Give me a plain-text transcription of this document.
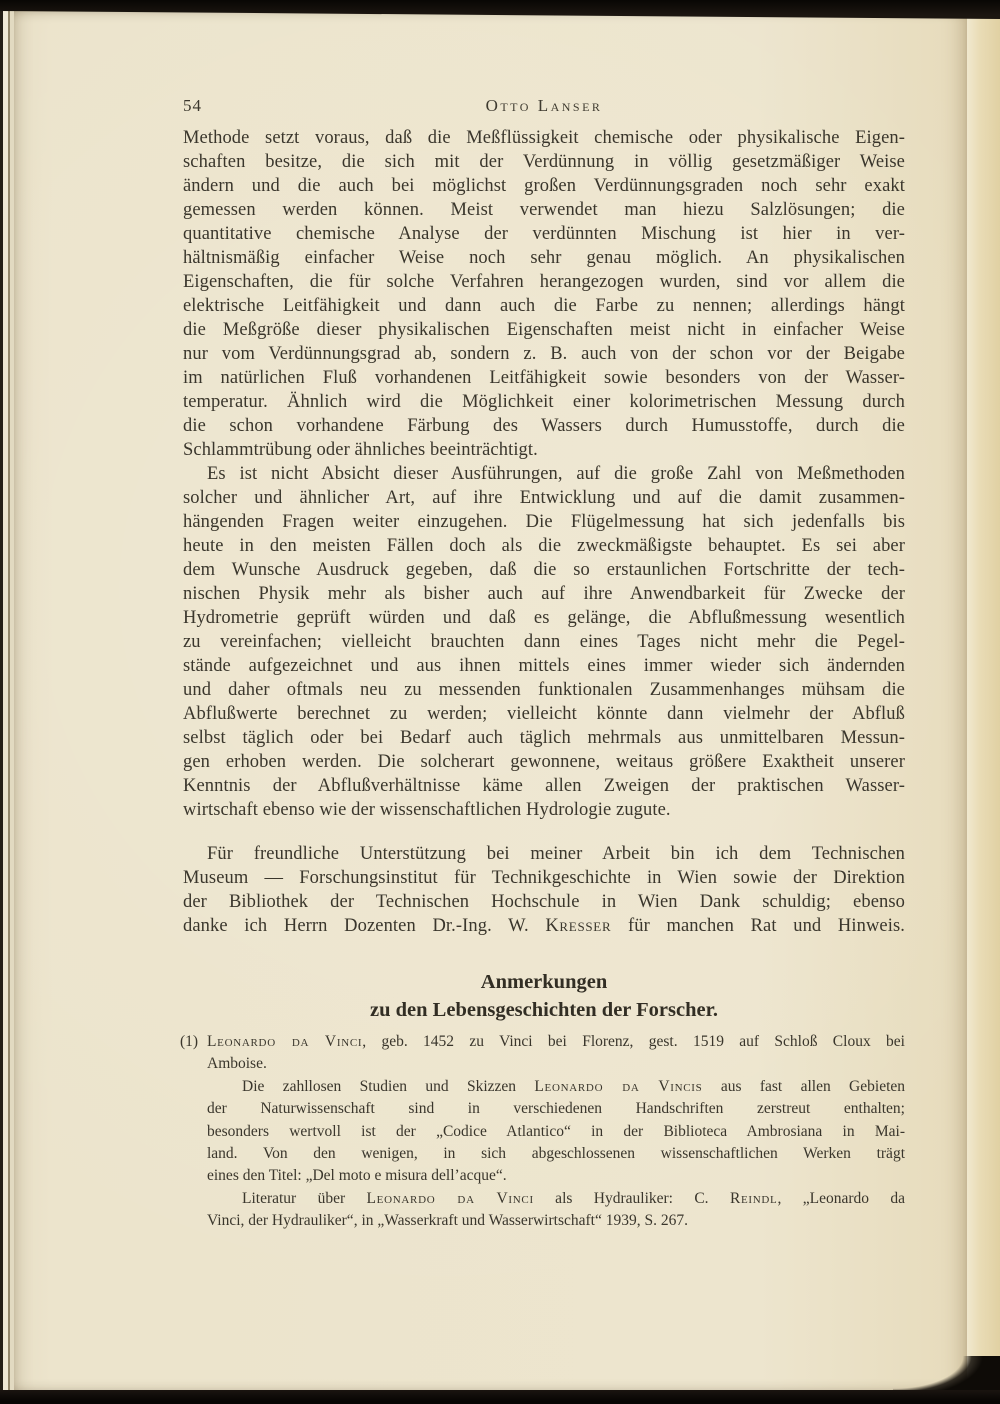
54	Otto Lanser
Methode setzt voraus, daß die Meßflüssigkeit chemische oder physikalische Eigen-
schaften besitze, die sich mit der Verdünnung in völlig gesetzmäßiger Weise
ändern und die auch bei möglichst großen Verdünnungsgraden noch sehr exakt
gemessen werden können. Meist verwendet man hiezu Salzlösungen; die
quantitative chemische Analyse der verdünnten Mischung ist hier in ver-
hältnismäßig einfacher Weise noch sehr genau möglich. An physikalischen
Eigenschaften, die für solche Verfahren herangezogen wurden, sind vor allem die
elektrische Leitfähigkeit und dann auch die Farbe zu nennen; allerdings hängt
die Meßgröße dieser physikalischen Eigenschaften meist nicht in einfacher Weise
nur vom Verdünnungsgrad ab, sondern z. B. auch von der schon vor der Beigabe
im natürlichen Fluß vorhandenen Leitfähigkeit sowie besonders von der Wasser-
temperatur. Ähnlich wird die Möglichkeit einer kolorimetrischen Messung durch
die schon vorhandene Färbung des Wassers durch Humusstoffe, durch die
Schlammtrübung oder ähnliches beeinträchtigt.
Es ist nicht Absicht dieser Ausführungen, auf die große Zahl von Meßmethoden
solcher und ähnlicher Art, auf ihre Entwicklung und auf die damit zusammen-
hängenden Fragen weiter einzugehen. Die Flügelmessung hat sich jedenfalls bis
heute in den meisten Fällen doch als die zweckmäßigste behauptet. Es sei aber
dem Wunsche Ausdruck gegeben, daß die so erstaunlichen Fortschritte der tech-
nischen Physik mehr als bisher auch auf ihre Anwendbarkeit für Zwecke der
Hydrometrie geprüft würden und daß es gelänge, die Abflußmessung wesentlich
zu vereinfachen; vielleicht brauchten dann eines Tages nicht mehr die Pegel-
stände aufgezeichnet und aus ihnen mittels eines immer wieder sich ändernden
und daher oftmals neu zu messenden funktionalen Zusammenhanges mühsam die
Abflußwerte berechnet zu werden; vielleicht könnte dann vielmehr der Abfluß
selbst täglich oder bei Bedarf auch täglich mehrmals aus unmittelbaren Messun-
gen erhoben werden. Die solcherart gewonnene, weitaus größere Exaktheit unserer
Kenntnis der Abflußverhältnisse käme allen Zweigen der praktischen Wasser-
wirtschaft ebenso wie der wissenschaftlichen Hydrologie zugute.
Für freundliche Unterstützung bei meiner Arbeit bin ich dem Technischen
Museum — Forschungsinstitut für Technikgeschichte in Wien sowie der Direktion
der Bibliothek der Technischen Hochschule in Wien Dank schuldig; ebenso
danke ich Herrn Dozenten Dr.-Ing. W. Kresser für manchen Rat und Hinweis.
Anmerkungen
zu den Lebensgeschichten der Forscher.
(1) Leonardo da Vinci, geb. 1452 zu Vinci bei Florenz, gest. 1519 auf Schloß Cloux bei
Amboise.
Die zahllosen Studien und Skizzen Leonardo da Vincis aus fast allen Gebieten
der Naturwissenschaft sind in verschiedenen Handschriften zerstreut enthalten;
besonders wertvoll ist der „Codice Atlantico“ in der Biblioteca Ambrosiana in Mai-
land. Von den wenigen, in sich abgeschlossenen wissenschaftlichen Werken trägt
eines den Titel: „Del moto e misura dell’acque“.
Literatur über Leonardo da Vinci als Hydrauliker: C. Reindl, „Leonardo da
Vinci, der Hydrauliker“, in „Wasserkraft und Wasserwirtschaft“ 1939, S. 267.
